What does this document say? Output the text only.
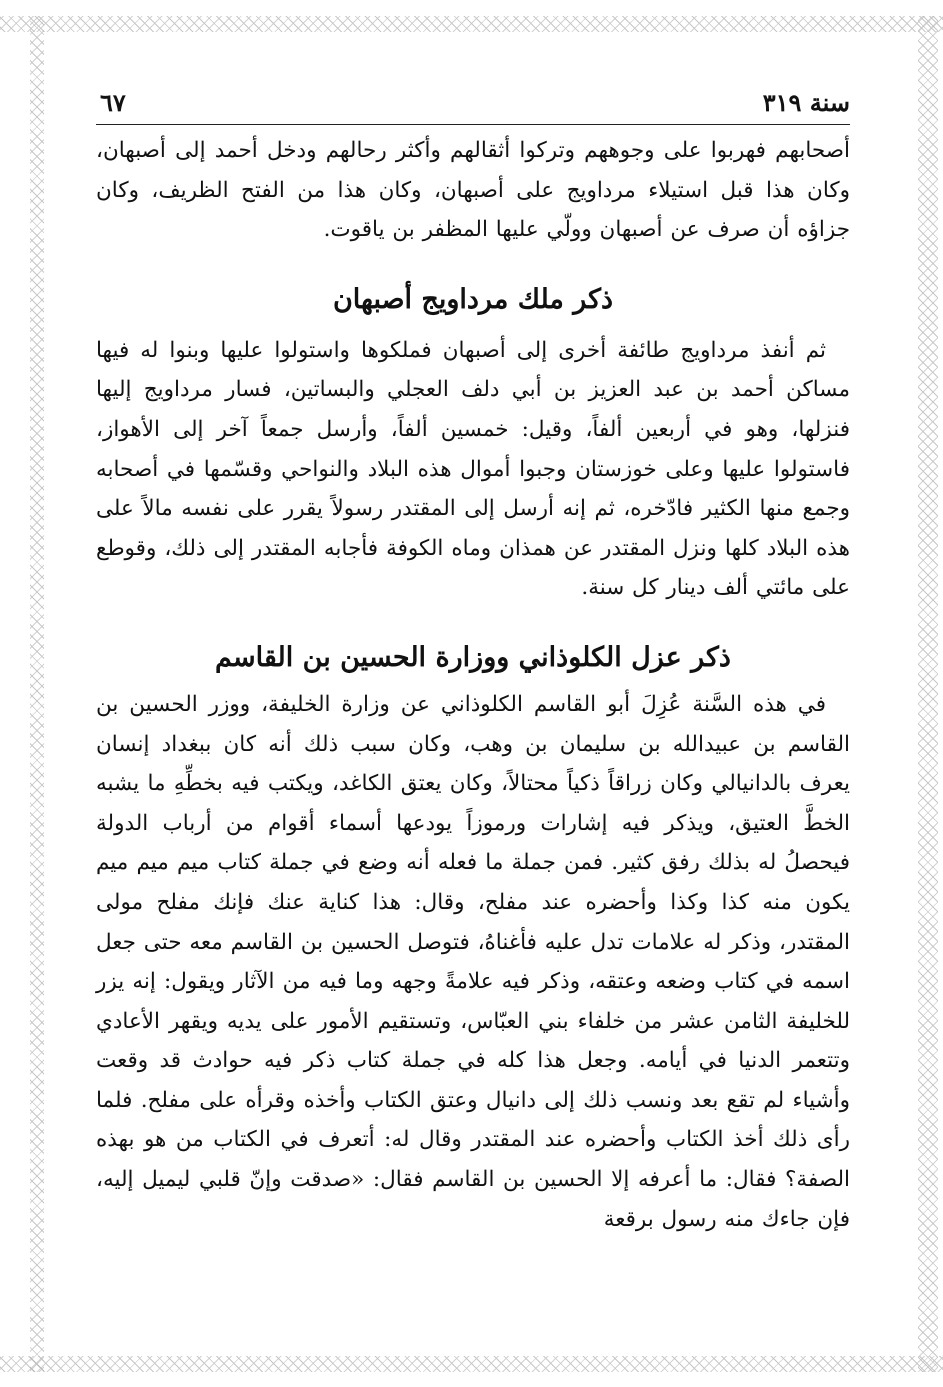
سنة ٣١٩
٦٧

أصحابهم فهربوا على وجوههم وتركوا أثقالهم وأكثر رحالهم ودخل أحمد إلى أصبهان، وكان هذا قبل استيلاء مرداويج على أصبهان، وكان هذا من الفتح الظريف، وكان جزاؤه أن صرف عن أصبهان وولّي عليها المظفر بن ياقوت.

ذكر ملك مرداويج أصبهان

ثم أنفذ مرداويج طائفة أخرى إلى أصبهان فملكوها واستولوا عليها وبنوا له فيها مساكن أحمد بن عبد العزيز بن أبي دلف العجلي والبساتين، فسار مرداويج إليها فنزلها، وهو في أربعين ألفاً، وقيل: خمسين ألفاً، وأرسل جمعاً آخر إلى الأهواز، فاستولوا عليها وعلى خوزستان وجبوا أموال هذه البلاد والنواحي وقسّمها في أصحابه وجمع منها الكثير فادّخره، ثم إنه أرسل إلى المقتدر رسولاً يقرر على نفسه مالاً على هذه البلاد كلها ونزل المقتدر عن همذان وماه الكوفة فأجابه المقتدر إلى ذلك، وقوطع على مائتي ألف دينار كل سنة.

ذكر عزل الكلوذاني ووزارة الحسين بن القاسم

في هذه السَّنة عُزِلَ أبو القاسم الكلوذاني عن وزارة الخليفة، ووزر الحسين بن القاسم بن عبيدالله بن سليمان بن وهب، وكان سبب ذلك أنه كان ببغداد إنسان يعرف بالدانيالي وكان زراقاً ذكياً محتالاً، وكان يعتق الكاغد، ويكتب فيه بخطِّهِ ما يشبه الخطَّ العتيق، ويذكر فيه إشارات ورموزاً يودعها أسماء أقوام من أرباب الدولة فيحصلُ له بذلك رفق كثير. فمن جملة ما فعله أنه وضع في جملة كتاب ميم ميم ميم يكون منه كذا وكذا وأحضره عند مفلح، وقال: هذا كناية عنك فإنك مفلح مولى المقتدر، وذكر له علامات تدل عليه فأغناهُ، فتوصل الحسين بن القاسم معه حتى جعل اسمه في كتاب وضعه وعتقه، وذكر فيه علامةً وجهه وما فيه من الآثار ويقول: إنه يزر للخليفة الثامن عشر من خلفاء بني العبّاس، وتستقيم الأمور على يديه ويقهر الأعادي وتتعمر الدنيا في أيامه. وجعل هذا كله في جملة كتاب ذكر فيه حوادث قد وقعت وأشياء لم تقع بعد ونسب ذلك إلى دانيال وعتق الكتاب وأخذه وقرأه على مفلح. فلما رأى ذلك أخذ الكتاب وأحضره عند المقتدر وقال له: أتعرف في الكتاب من هو بهذه الصفة؟ فقال: ما أعرفه إلا الحسين بن القاسم فقال: «صدقت وإنّ قلبي ليميل إليه، فإن جاءك منه رسول برقعة
